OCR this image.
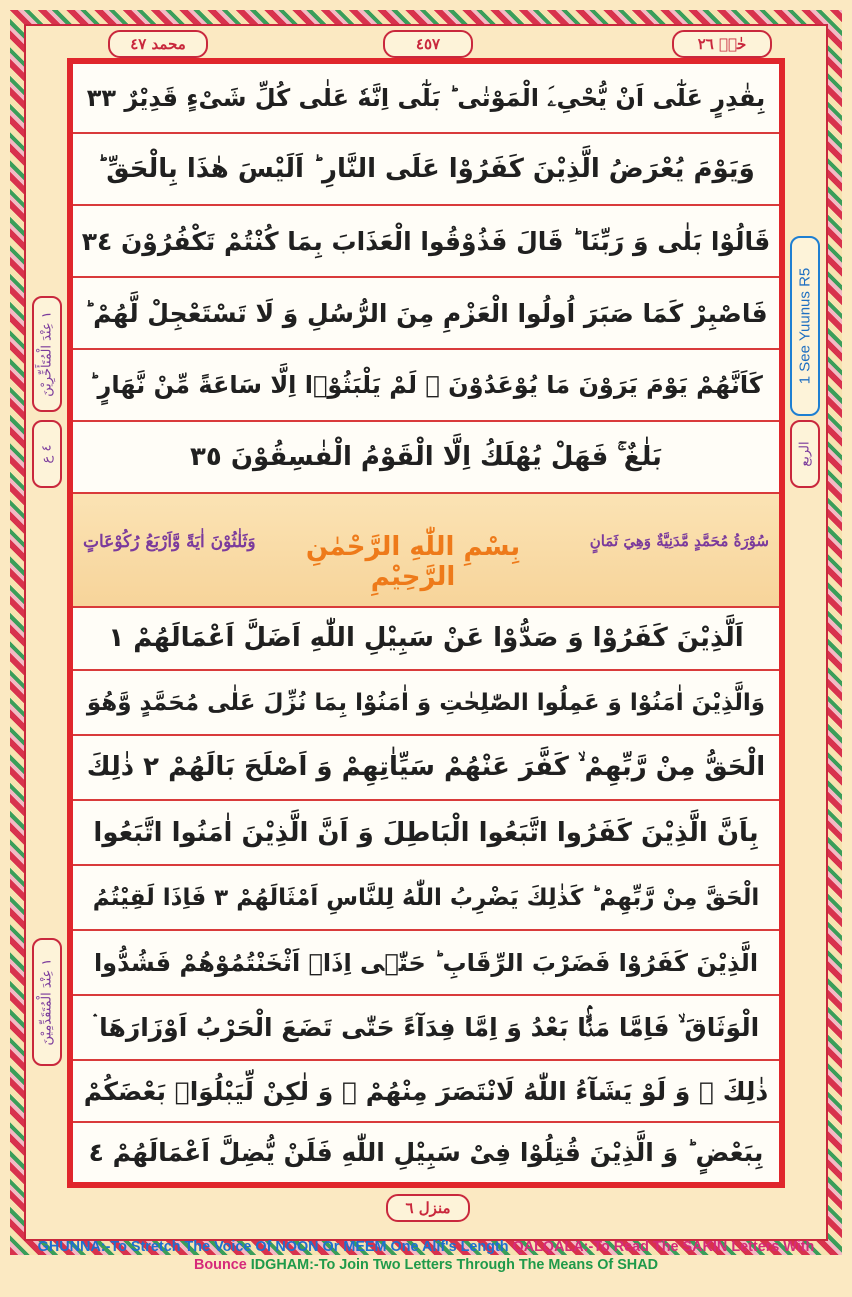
حٰمۤ ٢٦
٤٥٧
محمد ٤٧
١ عِنْدَ الْمُتَأَخِّرِيْنَ
٤ ع
١ عِنْدَ الْمُتَقَدِّمِيْنَ
1 See Yuunus R5
الربع
بِقٰدِرٍ عَلٰٓى اَنْ يُّحْیِۦَ الْمَوْتٰى ؕ بَلٰٓى اِنَّهٗ عَلٰى كُلِّ شَیْءٍ قَدِیْرٌ ٣٣
وَیَوْمَ یُعْرَضُ الَّذِیْنَ كَفَرُوْا عَلَى النَّارِ ؕ اَلَیْسَ هٰذَا بِالْحَقِّ ؕ
قَالُوْا بَلٰى وَ رَبِّنَا ؕ قَالَ فَذُوْقُوا الْعَذَابَ بِمَا كُنْتُمْ تَكْفُرُوْنَ ٣٤
فَاصْبِرْ كَمَا صَبَرَ اُولُوا الْعَزْمِ مِنَ الرُّسُلِ وَ لَا تَسْتَعْجِلْ لَّهُمْ ؕ
كَاَنَّهُمْ یَوْمَ یَرَوْنَ مَا یُوْعَدُوْنَ ۙ لَمْ یَلْبَثُوْۤا اِلَّا سَاعَةً مِّنْ نَّهَارٍ ؕ
بَلٰغٌ ۚ فَهَلْ یُهْلَكُ اِلَّا الْقَوْمُ الْفٰسِقُوْنَ ٣٥
سُوْرَةُ مُحَمَّدٍ مَّدَنِيَّةٌ وَهِيَ ثَمَانٍ
بِسْمِ اللّٰهِ الرَّحْمٰنِ الرَّحِیْمِ
وَثَلٰثُوْنَ اٰیَةً وَّاَرْبَعُ رُكُوْعَاتٍ
اَلَّذِیْنَ كَفَرُوْا وَ صَدُّوْا عَنْ سَبِیْلِ اللّٰهِ اَضَلَّ اَعْمَالَهُمْ ١
وَالَّذِیْنَ اٰمَنُوْا وَ عَمِلُوا الصّٰلِحٰتِ وَ اٰمَنُوْا بِمَا نُزِّلَ عَلٰى مُحَمَّدٍ وَّهُوَ
الْحَقُّ مِنْ رَّبِّهِمْ ۙ كَفَّرَ عَنْهُمْ سَیِّاٰتِهِمْ وَ اَصْلَحَ بَالَهُمْ ٢ ذٰلِكَ
بِاَنَّ الَّذِیْنَ كَفَرُوا اتَّبَعُوا الْبَاطِلَ وَ اَنَّ الَّذِیْنَ اٰمَنُوا اتَّبَعُوا
الْحَقَّ مِنْ رَّبِّهِمْ ؕ كَذٰلِكَ یَضْرِبُ اللّٰهُ لِلنَّاسِ اَمْثَالَهُمْ ٣ فَاِذَا لَقِیْتُمُ
الَّذِیْنَ كَفَرُوْا فَضَرْبَ الرِّقَابِ ؕ حَتّٰۤى اِذَاۤ اَثْخَنْتُمُوْهُمْ فَشُدُّوا
الْوَثَاقَ ۙ فَاِمَّا مَنًّۢا بَعْدُ وَ اِمَّا فِدَآءً حَتّٰى تَضَعَ الْحَرْبُ اَوْزَارَهَا ۛ
ذٰلِكَ ۛ وَ لَوْ یَشَآءُ اللّٰهُ لَانْتَصَرَ مِنْهُمْ ۙ وَ لٰكِنْ لِّیَبْلُوَاۡ بَعْضَكُمْ
بِبَعْضٍ ؕ وَ الَّذِیْنَ قُتِلُوْا فِیْ سَبِیْلِ اللّٰهِ فَلَنْ یُّضِلَّ اَعْمَالَهُمْ ٤
منزل ٦
GHUNNA:-To Stretch The Voice Of NOON Or MEEM One Alif's Length QALQALA:-To Read The SAKIN Letters With Bounce IDGHAM:-To Join Two Letters Through The Means Of SHAD
